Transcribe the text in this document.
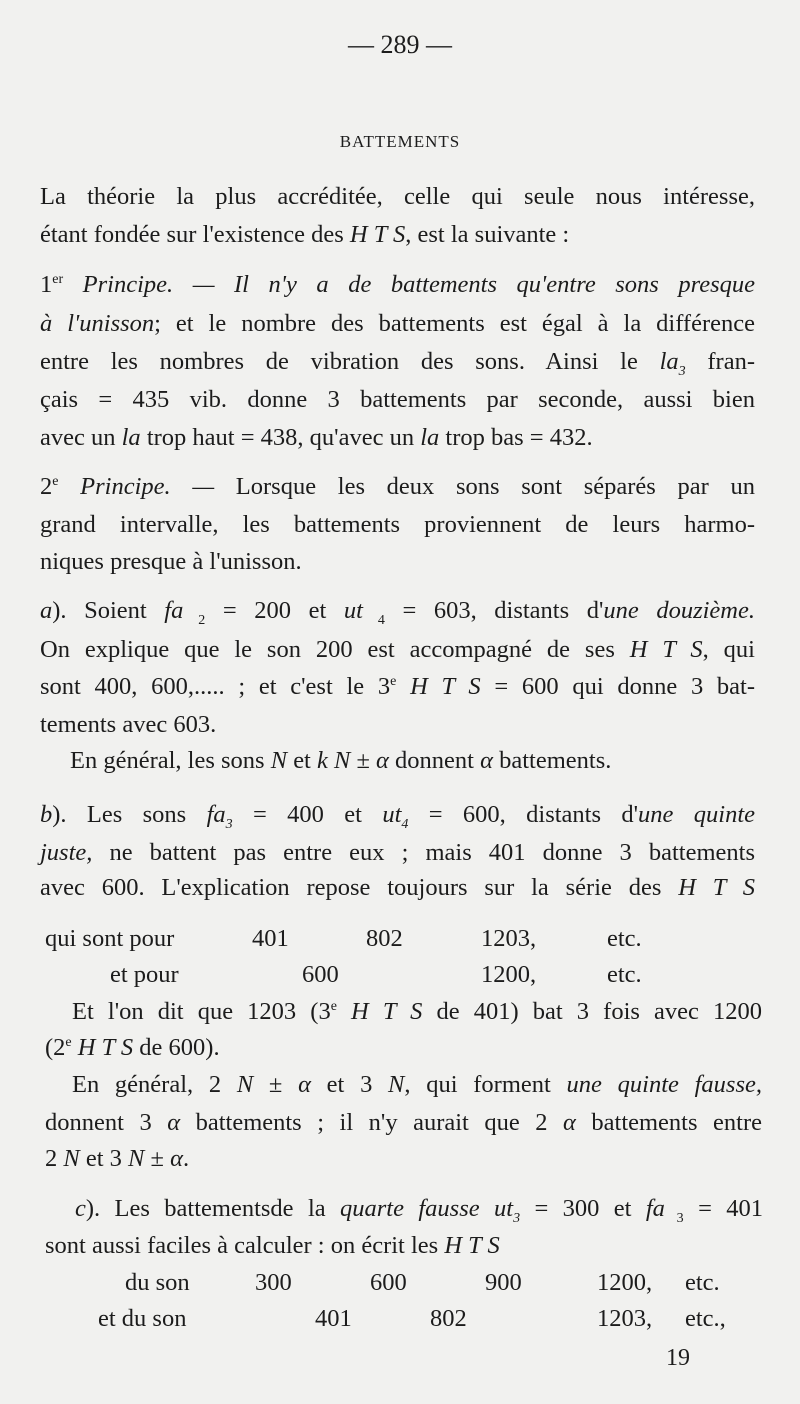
— 289 —
BATTEMENTS
La théorie la plus accréditée, celle qui seule nous intéresse,
étant fondée sur l'existence des H T S, est la suivante :
1er Principe. — Il n'y a de battements qu'entre sons presque
à l'unisson; et le nombre des battements est égal à la différence
entre les nombres de vibration des sons. Ainsi le $la_3$ fran-
çais = 435 vib. donne 3 battements par seconde, aussi bien
avec un la trop haut = 438, qu'avec un la trop bas = 432.
2e Principe. — Lorsque les deux sons sont séparés par un
grand intervalle, les battements proviennent de leurs harmo-
niques presque à l'unisson.
a). Soient fa $_2$ = 200 et ut $_4$ = 603, distants d'une douzième.
On explique que le son 200 est accompagné de ses H T S, qui
sont 400, 600,..... ; et c'est le 3e H T S = 600 qui donne 3 bat-
tements avec 603.
En général, les sons N et k N ± α donnent α battements.
b). Les sons $fa_3 = 400$ et $ut_4 = 600$, distants d'une quinte
juste, ne battent pas entre eux ; mais 401 donne 3 battements
avec 600. L'explication repose toujours sur la série des H T S
qui sont pour	401	802	1203,	etc.
et pour	600	1200,	etc.
Et l'on dit que 1203 (3e H T S de 401) bat 3 fois avec 1200
(2e H T S de 600).
En général, 2 N ± α et 3 N, qui forment une quinte fausse,
donnent 3 α battements ; il n'y aurait que 2 α battements entre
2 N et 3 N ± α.
c). Les battementsde la quarte fausse $ut_3 = 300$ et fa $_3$ = 401
sont aussi faciles à calculer : on écrit les H T S
du son	300	600	900	1200, etc.
et du son	401	802	1203, etc.,
19
